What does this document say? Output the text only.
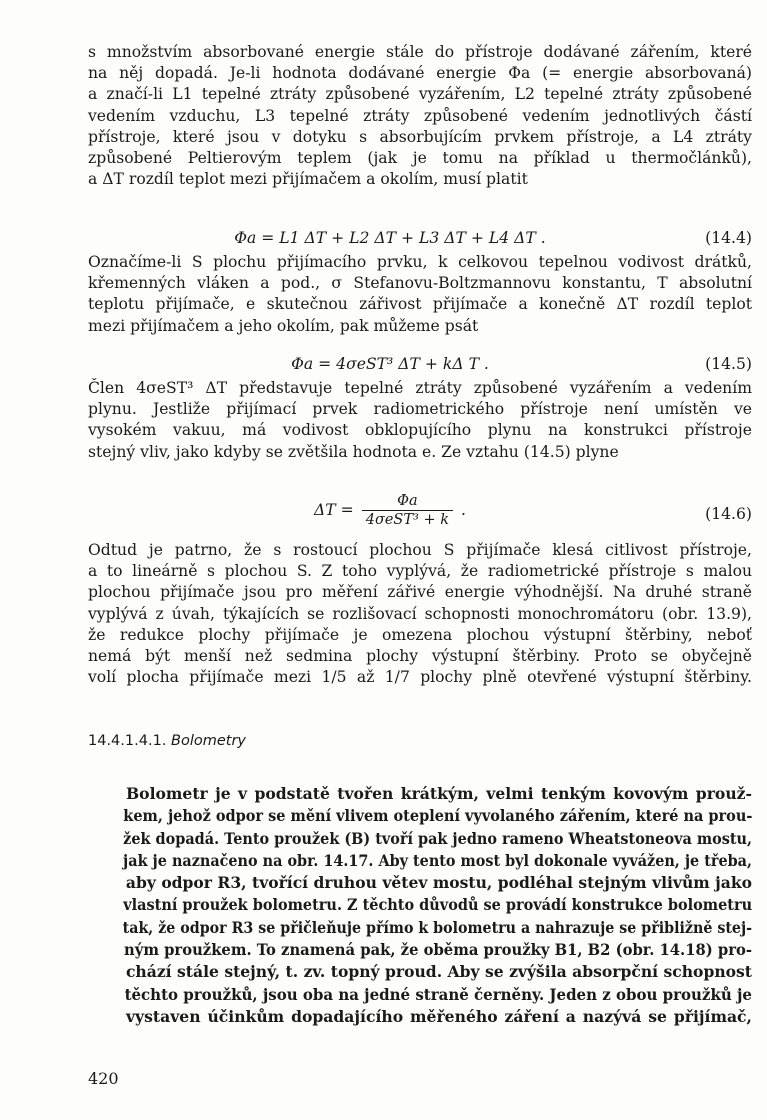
s množstvím absorbované energie stále do přístroje dodávané zářením, které
na něj dopadá. Je-li hodnota dodávané energie Φa (= energie absorbovaná)
a značí-li L1 tepelné ztráty způsobené vyzářením, L2 tepelné ztráty způsobené
vedením vzduchu, L3 tepelné ztráty způsobené vedením jednotlivých částí
přístroje, které jsou v dotyku s absorbujícím prvkem přístroje, a L4 ztráty
způsobené Peltierovým teplem (jak je tomu na příklad u thermočlánků),
a ΔT rozdíl teplot mezi přijímačem a okolím, musí platit
Φa = L1 ΔT + L2 ΔT + L3 ΔT + L4 ΔT .	(14.4)
Označíme-li S plochu přijímacího prvku, k celkovou tepelnou vodivost drátků,
křemenných vláken a pod., σ Stefanovu-Boltzmannovu konstantu, T absolutní
teplotu přijímače, e skutečnou zářivost přijímače a konečně ΔT rozdíl teplot
mezi přijímačem a jeho okolím, pak můžeme psát
Φa = 4σeST³ ΔT + kΔ T .	(14.5)
Člen 4σeST³ ΔT představuje tepelné ztráty způsobené vyzářením a vedením
plynu. Jestliže přijímací prvek radiometrického přístroje není umístěn ve
vysokém vakuu, má vodivost obklopujícího plynu na konstrukci přístroje
stejný vliv, jako kdyby se zvětšila hodnota e. Ze vztahu (14.5) plyne
$\Delta T = \frac{\Phi a}{\text{4σeST³ + k}}$ .	(14.6)
Odtud je patrno, že s rostoucí plochou S přijímače klesá citlivost přístroje,
a to lineárně s plochou S. Z toho vyplývá, že radiometrické přístroje s malou
plochou přijímače jsou pro měření zářivé energie výhodnější. Na druhé straně
vyplývá z úvah, týkajících se rozlišovací schopnosti monochromátoru (obr. 13.9),
že redukce plochy přijímače je omezena plochou výstupní štěrbiny, neboť
nemá být menší než sedmina plochy výstupní štěrbiny. Proto se obyčejně
volí plocha přijímače mezi 1/5 až 1/7 plochy plně otevřené výstupní štěrbiny.
14.4.1.4.1. Bolometry
Bolometr je v podstatě tvořen krátkým, velmi tenkým kovovým prouž-
kem, jehož odpor se mění vlivem oteplení vyvolaného zářením, které na prou-
žek dopadá. Tento proužek (B) tvoří pak jedno rameno Wheatstoneova mostu,
jak je naznačeno na obr. 14.17. Aby tento most byl dokonale vyvážen, je třeba,
aby odpor R3, tvořící druhou větev mostu, podléhal stejným vlivům jako
vlastní proužek bolometru. Z těchto důvodů se provádí konstrukce bolometru
tak, že odpor R3 se přičleňuje přímo k bolometru a nahrazuje se přibližně stej-
ným proužkem. To znamená pak, že oběma proužky B1, B2 (obr. 14.18) pro-
chází stále stejný, t. zv. topný proud. Aby se zvýšila absorpční schopnost
těchto proužků, jsou oba na jedné straně černěny. Jeden z obou proužků je
vystaven účinkům dopadajícího měřeného záření a nazývá se přijímač,
420
